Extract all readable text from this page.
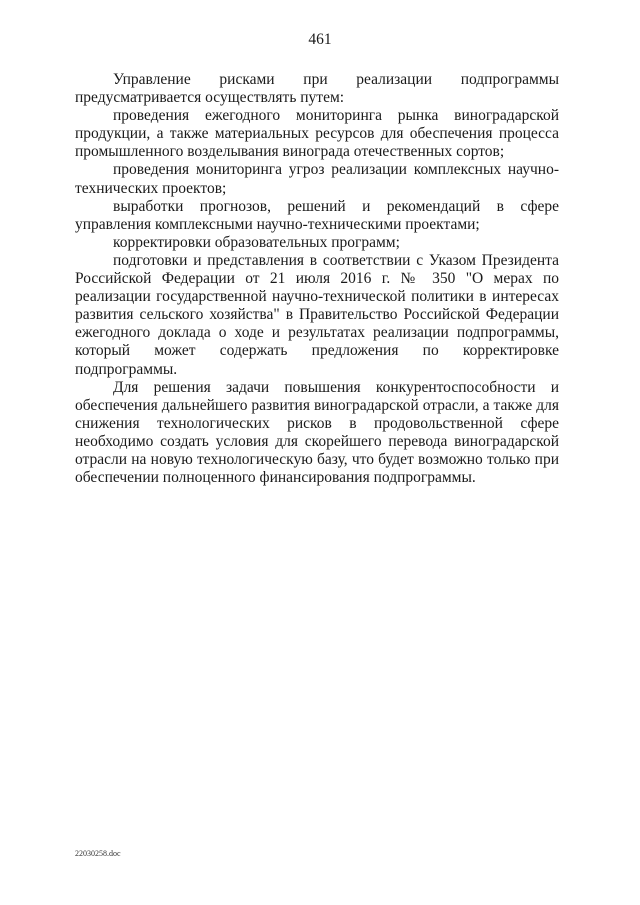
461

Управление рисками при реализации подпрограммы предусматривается осуществлять путем:

проведения ежегодного мониторинга рынка виноградарской продукции, а также материальных ресурсов для обеспечения процесса промышленного возделывания винограда отечественных сортов;

проведения мониторинга угроз реализации комплексных научно-технических проектов;

выработки прогнозов, решений и рекомендаций в сфере управления комплексными научно-техническими проектами;

корректировки образовательных программ;

подготовки и представления в соответствии с Указом Президента Российской Федерации от 21 июля 2016 г. № 350 "О мерах по реализации государственной научно-технической политики в интересах развития сельского хозяйства" в Правительство Российской Федерации ежегодного доклада о ходе и результатах реализации подпрограммы, который может содержать предложения по корректировке подпрограммы.

Для решения задачи повышения конкурентоспособности и обеспечения дальнейшего развития виноградарской отрасли, а также для снижения технологических рисков в продовольственной сфере необходимо создать условия для скорейшего перевода виноградарской отрасли на новую технологическую базу, что будет возможно только при обеспечении полноценного финансирования подпрограммы.

22030258.doc
